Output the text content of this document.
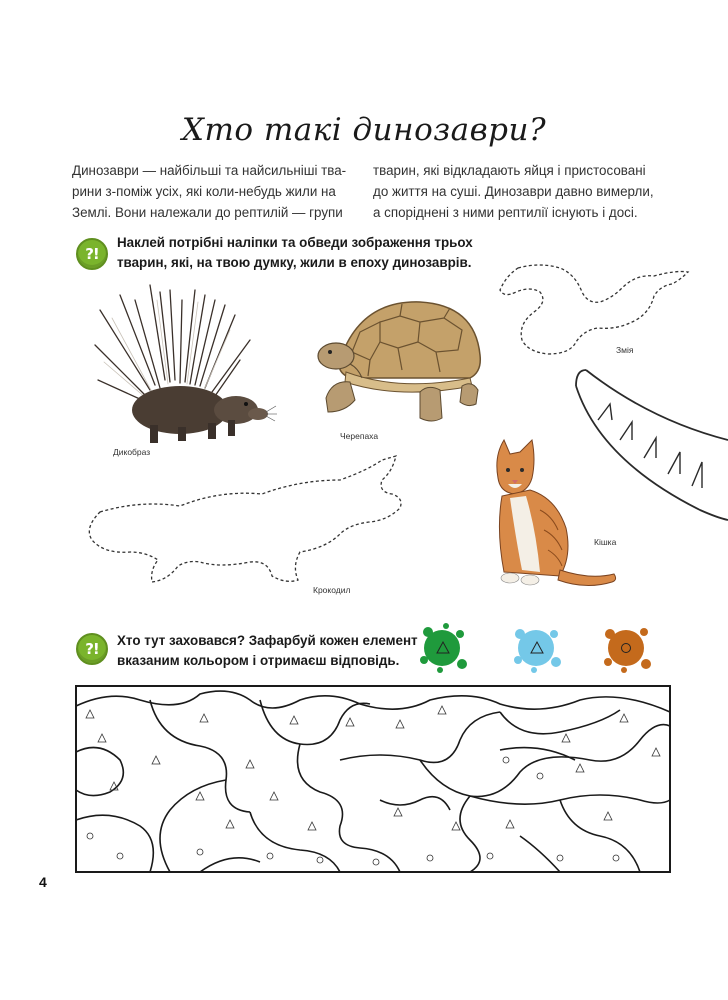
Хто такі динозаври?
Динозаври — найбільші та найсильніші тва-
рини з-поміж усіх, які коли-небудь жили на
Землі. Вони належали до рептилій — групи
тварин, які відкладають яйця і пристосовані
до життя на суші. Динозаври давно вимерли,
а споріднені з ними рептилії існують і досі.
?!
Наклей потрібні наліпки та обведи зображення трьох
тварин, які, на твою думку, жили в епоху динозаврів.
Дикобраз
Черепаха
Змія
Кішка
Крокодил
?!	Хто тут заховався? Зафарбуй кожен елемент
вказаним кольором і отримаєш відповідь.
4
